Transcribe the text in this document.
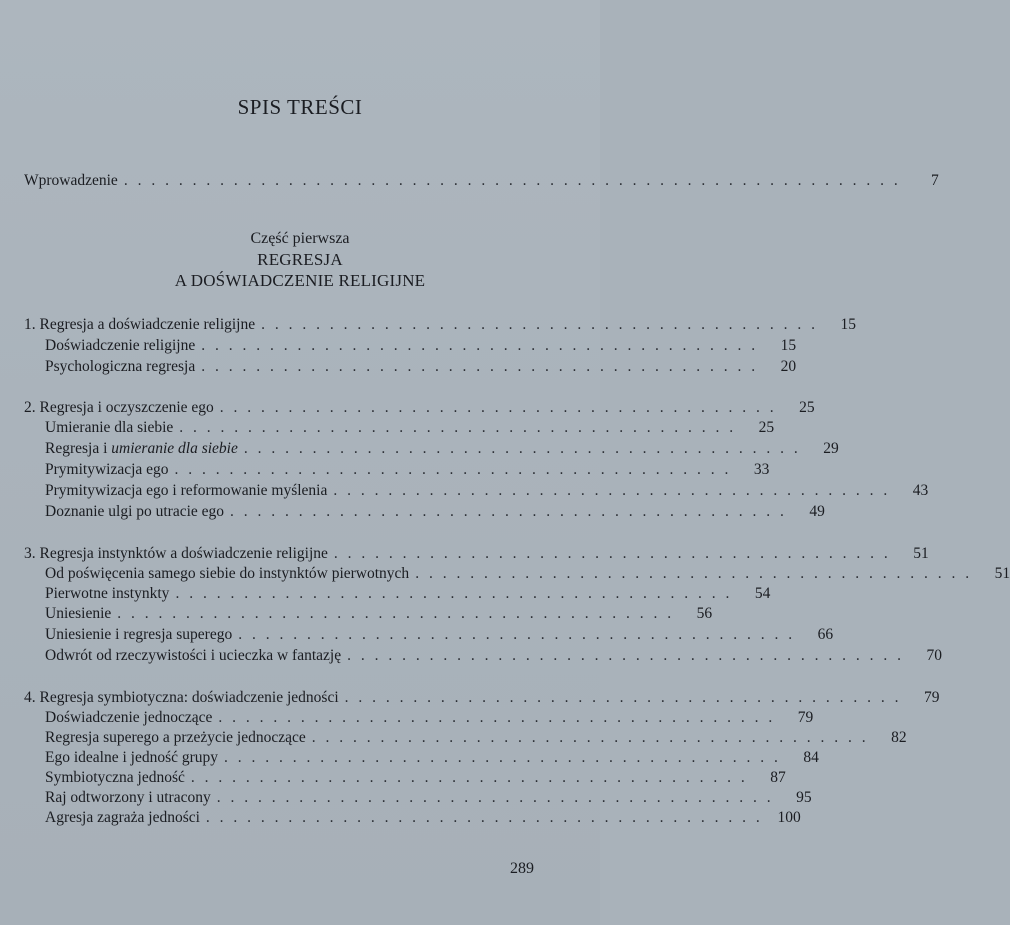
SPIS TREŚCI
Wprowadzenie . . . . . . . . . . . . . . . . . . . . . . . . . . . . . . . . . . . . . . . . . . . . . . . . . . . . . . . . .	7
Część pierwsza
REGRESJA
A DOŚWIADCZENIE RELIGIJNE
1. Regresja a doświadczenie religijne . . . . . . . . . . . . . . . . . . . . . . . . . . . . . . . . . . . . . . . . .	15
Doświadczenie religijne . . . . . . . . . . . . . . . . . . . . . . . . . . . . . . . . . . . . . . . . .	15
Psychologiczna regresja . . . . . . . . . . . . . . . . . . . . . . . . . . . . . . . . . . . . . . . . .	20
2. Regresja i oczyszczenie ego . . . . . . . . . . . . . . . . . . . . . . . . . . . . . . . . . . . . . . . . .	25
Umieranie dla siebie . . . . . . . . . . . . . . . . . . . . . . . . . . . . . . . . . . . . . . . . .	25
Regresja i umieranie dla siebie . . . . . . . . . . . . . . . . . . . . . . . . . . . . . . . . . . . . . . . . .	29
Prymitywizacja ego . . . . . . . . . . . . . . . . . . . . . . . . . . . . . . . . . . . . . . . . .	33
Prymitywizacja ego i reformowanie myślenia . . . . . . . . . . . . . . . . . . . . . . . . . . . . . . . . . . . . . . . . .	43
Doznanie ulgi po utracie ego . . . . . . . . . . . . . . . . . . . . . . . . . . . . . . . . . . . . . . . . .	49
3. Regresja instynktów a doświadczenie religijne . . . . . . . . . . . . . . . . . . . . . . . . . . . . . . . . . . . . . . . . .	51
Od poświęcenia samego siebie do instynktów pierwotnych . . . . . . . . . . . . . . . . . . . . . . . . . . . . . . . . . . . . . . . . .	51
Pierwotne instynkty . . . . . . . . . . . . . . . . . . . . . . . . . . . . . . . . . . . . . . . . .	54
Uniesienie . . . . . . . . . . . . . . . . . . . . . . . . . . . . . . . . . . . . . . . . .	56
Uniesienie i regresja superego . . . . . . . . . . . . . . . . . . . . . . . . . . . . . . . . . . . . . . . . .	66
Odwrót od rzeczywistości i ucieczka w fantazję . . . . . . . . . . . . . . . . . . . . . . . . . . . . . . . . . . . . . . . . .	70
4. Regresja symbiotyczna: doświadczenie jedności . . . . . . . . . . . . . . . . . . . . . . . . . . . . . . . . . . . . . . . . .	79
Doświadczenie jednoczące . . . . . . . . . . . . . . . . . . . . . . . . . . . . . . . . . . . . . . . . .	79
Regresja superego a przeżycie jednoczące . . . . . . . . . . . . . . . . . . . . . . . . . . . . . . . . . . . . . . . . .	82
Ego idealne i jedność grupy . . . . . . . . . . . . . . . . . . . . . . . . . . . . . . . . . . . . . . . . .	84
Symbiotyczna jedność . . . . . . . . . . . . . . . . . . . . . . . . . . . . . . . . . . . . . . . . .	87
Raj odtworzony i utracony . . . . . . . . . . . . . . . . . . . . . . . . . . . . . . . . . . . . . . . . .	95
Agresja zagraża jedności . . . . . . . . . . . . . . . . . . . . . . . . . . . . . . . . . . . . . . . . . 100
289
